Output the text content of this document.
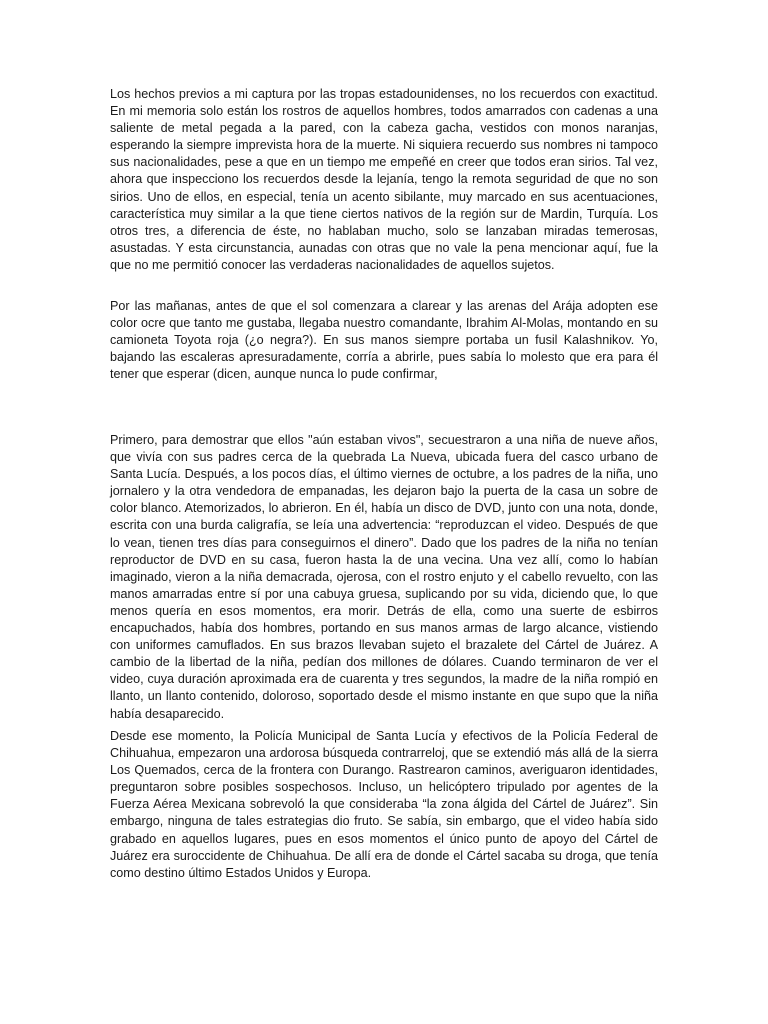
Los hechos previos a mi captura por las tropas estadounidenses, no los recuerdos con exactitud. En mi memoria solo están los rostros de aquellos hombres, todos amarrados con cadenas a una saliente de metal pegada a la pared, con la cabeza gacha, vestidos con monos naranjas, esperando la siempre imprevista hora de la muerte. Ni siquiera recuerdo sus nombres ni tampoco sus nacionalidades, pese a que en un tiempo me empeñé en creer que todos eran sirios. Tal vez, ahora que inspecciono los recuerdos desde la lejanía, tengo la remota seguridad de que no son sirios. Uno de ellos, en especial, tenía un acento sibilante, muy marcado en sus acentuaciones, característica muy similar a la que tiene ciertos nativos de la región sur de Mardin, Turquía. Los otros tres, a diferencia de éste, no hablaban mucho, solo se lanzaban miradas temerosas, asustadas. Y esta circunstancia, aunadas con otras que no vale la pena mencionar aquí, fue la que no me permitió conocer las verdaderas nacionalidades de aquellos sujetos.

Por las mañanas, antes de que el sol comenzara a clarear y las arenas del Arája adopten ese color ocre que tanto me gustaba, llegaba nuestro comandante, Ibrahim Al-Molas, montando en su camioneta Toyota roja (¿o negra?). En sus manos siempre portaba un fusil Kalashnikov. Yo, bajando las escaleras apresuradamente, corría a abrirle, pues sabía lo molesto que era para él tener que esperar (dicen, aunque nunca lo pude confirmar,

Primero, para demostrar que ellos "aún estaban vivos", secuestraron a una niña de nueve años, que vivía con sus padres cerca de la quebrada La Nueva, ubicada fuera del casco urbano de Santa Lucía. Después, a los pocos días, el último viernes de octubre, a los padres de la niña, uno jornalero y la otra vendedora de empanadas, les dejaron bajo la puerta de la casa un sobre de color blanco. Atemorizados, lo abrieron. En él, había un disco de DVD, junto con una nota, donde, escrita con una burda caligrafía, se leía una advertencia: “reproduzcan el video. Después de que lo vean, tienen tres días para conseguirnos el dinero”. Dado que los padres de la niña no tenían reproductor de DVD en su casa, fueron hasta la de una vecina. Una vez allí, como lo habían imaginado, vieron a la niña demacrada, ojerosa, con el rostro enjuto y el cabello revuelto, con las manos amarradas entre sí por una cabuya gruesa, suplicando por su vida, diciendo que, lo que menos quería en esos momentos, era morir. Detrás de ella, como una suerte de esbirros encapuchados, había dos hombres, portando en sus manos armas de largo alcance, vistiendo con uniformes camuflados. En sus brazos llevaban sujeto el brazalete del Cártel de Juárez. A cambio de la libertad de la niña, pedían dos millones de dólares. Cuando terminaron de ver el video, cuya duración aproximada era de cuarenta y tres segundos, la madre de la niña rompió en llanto, un llanto contenido, doloroso, soportado desde el mismo instante en que supo que la niña había desaparecido.

Desde ese momento, la Policía Municipal de Santa Lucía y efectivos de la Policía Federal de Chihuahua, empezaron una ardorosa búsqueda contrarreloj, que se extendió más allá de la sierra Los Quemados, cerca de la frontera con Durango. Rastrearon caminos, averiguaron identidades, preguntaron sobre posibles sospechosos. Incluso, un helicóptero tripulado por agentes de la Fuerza Aérea Mexicana sobrevoló la que consideraba “la zona álgida del Cártel de Juárez”. Sin embargo, ninguna de tales estrategias dio fruto. Se sabía, sin embargo, que el video había sido grabado en aquellos lugares, pues en esos momentos el único punto de apoyo del Cártel de Juárez era suroccidente de Chihuahua. De allí era de donde el Cártel sacaba su droga, que tenía como destino último Estados Unidos y Europa.
